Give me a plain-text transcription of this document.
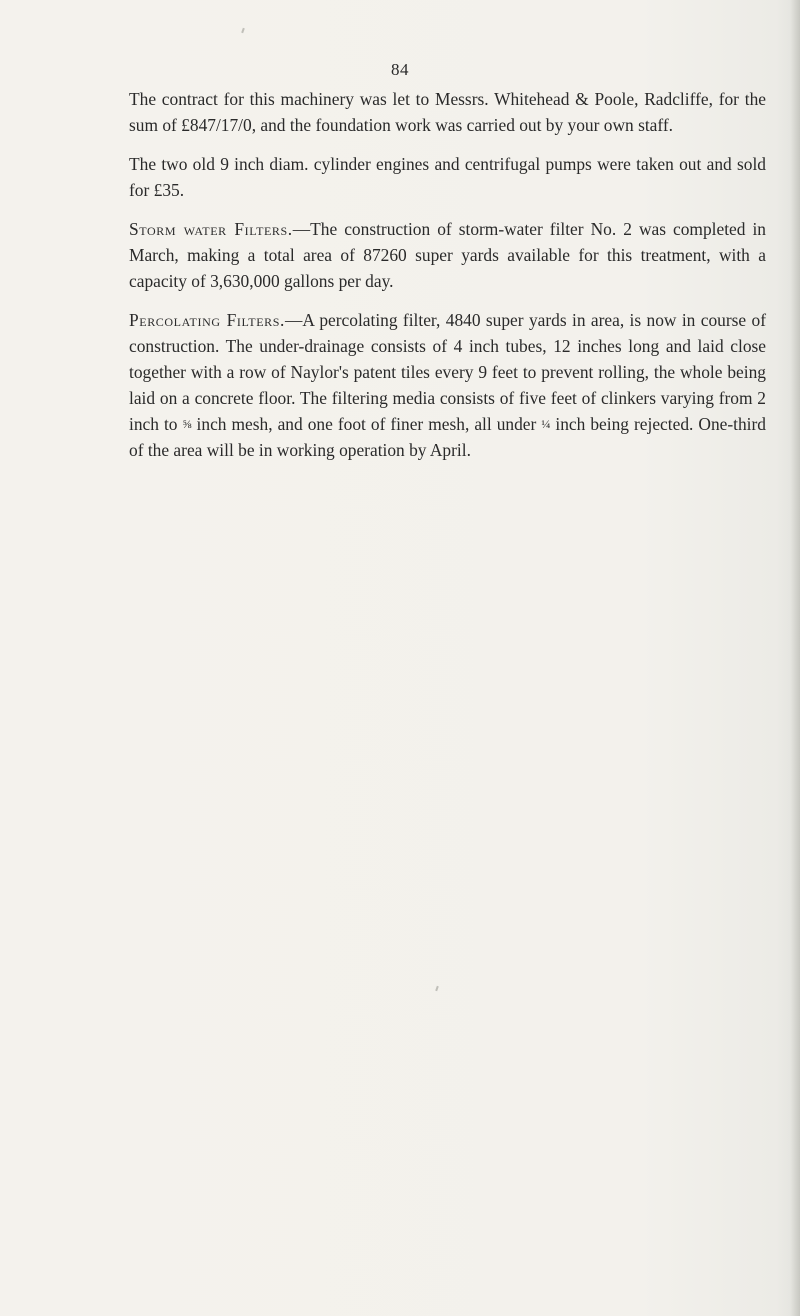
84

The contract for this machinery was let to Messrs. Whitehead & Poole, Radcliffe, for the sum of £847/17/0, and the foundation work was carried out by your own staff.

The two old 9 inch diam. cylinder engines and centrifugal pumps were taken out and sold for £35.

Storm water Filters.—The construction of storm-water filter No. 2 was completed in March, making a total area of 87260 super yards available for this treatment, with a capacity of 3,630,000 gallons per day.

Percolating Filters.—A percolating filter, 4840 super yards in area, is now in course of construction. The under-drainage consists of 4 inch tubes, 12 inches long and laid close together with a row of Naylor's patent tiles every 9 feet to prevent rolling, the whole being laid on a concrete floor. The filtering media consists of five feet of clinkers varying from 2 inch to ⅝ inch mesh, and one foot of finer mesh, all under ¼ inch being rejected. One-third of the area will be in working operation by April.
